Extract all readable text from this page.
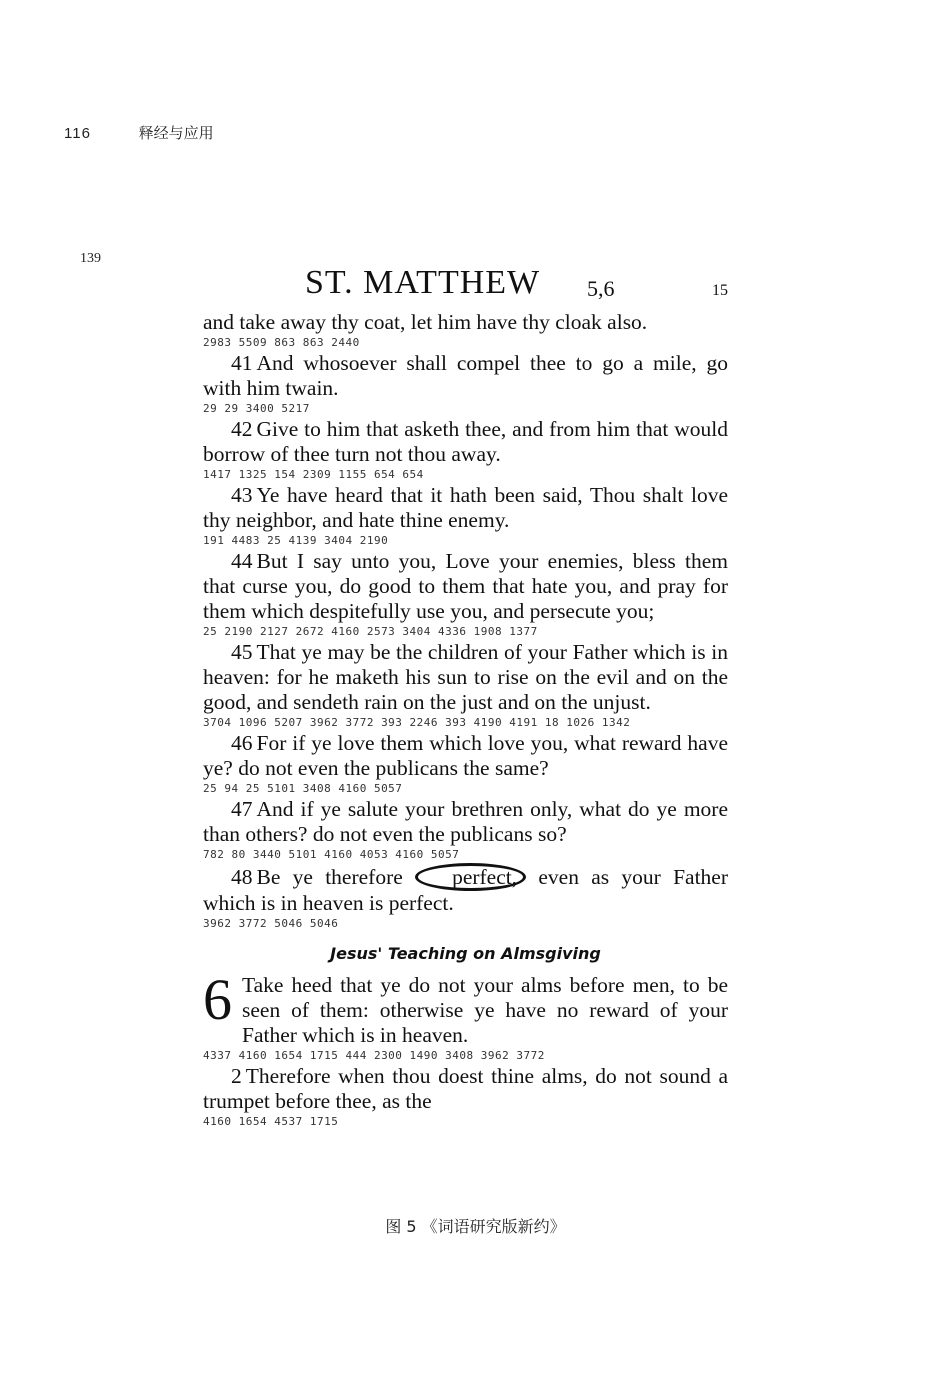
116	释经与应用
139
ST. MATTHEW 5,6	15

and take away thy coat, let him have thy cloak also.

2983 5509 863 863 2440

41 And whosoever shall compel thee to go a mile, go with him twain.

29 29 3400 5217

42 Give to him that asketh thee, and from him that would borrow of thee turn not thou away.

1417 1325 154 2309 1155 654 654

43 Ye have heard that it hath been said, Thou shalt love thy neighbor, and hate thine enemy.

191 4483 25 4139 3404 2190

44 But I say unto you, Love your enemies, bless them that curse you, do good to them that hate you, and pray for them which despitefully use you, and persecute you;

25 2190 2127 2672 4160 2573 3404 4336 1908 1377

45 That ye may be the children of your Father which is in heaven: for he maketh his sun to rise on the evil and on the good, and sendeth rain on the just and on the unjust.

3704 1096 5207 3962 3772 393 2246 393 4190 4191 18 1026 1342

46 For if ye love them which love you, what reward have ye? do not even the publicans the same?

25 94 25 5101 3408 4160 5057

47 And if ye salute your brethren only, what do ye more than others? do not even the publicans so?

782 80 3440 5101 4160 4053 4160 5057

48 Be ye therefore perfect, even as your Father which is in heaven is perfect.

3962 3772 5046 5046
Jesus' Teaching on Almsgiving
6 Take heed that ye do not your alms before men, to be seen of them: otherwise ye have no reward of your Father which is in heaven.

4337 4160 1654 1715 444 2300 1490 3408 3962 3772

2 Therefore when thou doest thine alms, do not sound a trumpet before thee, as the

4160 1654 4537 1715
图 5 《词语研究版新约》
